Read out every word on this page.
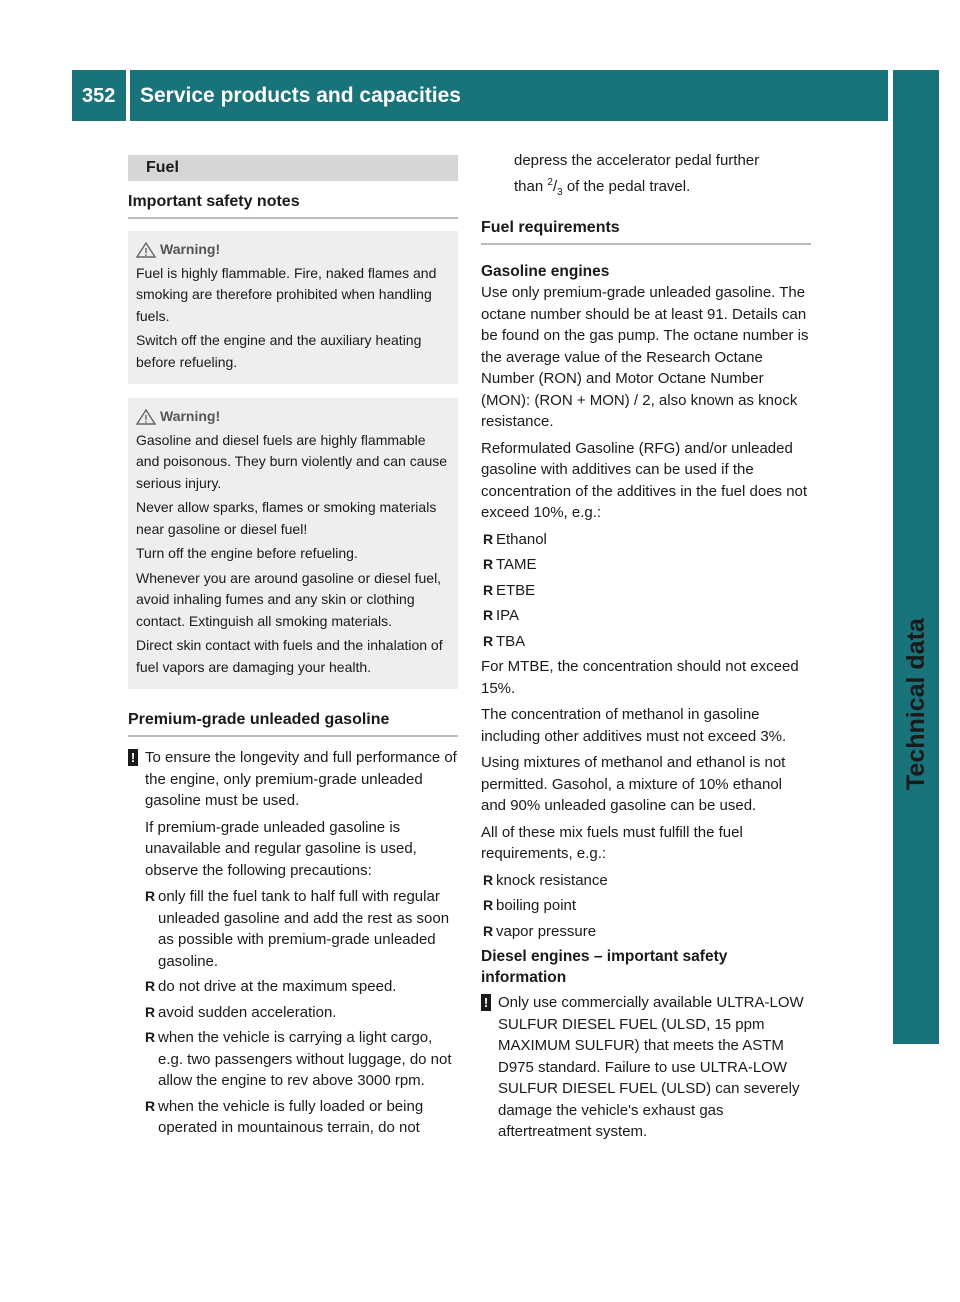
352	Service products and capacities
Technical data
Fuel
Important safety notes
Warning!

Fuel is highly flammable. Fire, naked flames and smoking are therefore prohibited when handling fuels.

Switch off the engine and the auxiliary heating before refueling.

Warning!

Gasoline and diesel fuels are highly flammable and poisonous. They burn violently and can cause serious injury.

Never allow sparks, flames or smoking materials near gasoline or diesel fuel!

Turn off the engine before refueling.

Whenever you are around gasoline or diesel fuel, avoid inhaling fumes and any skin or clothing contact. Extinguish all smoking materials.

Direct skin contact with fuels and the inhalation of fuel vapors are damaging your health.

Premium-grade unleaded gasoline
! To ensure the longevity and full performance of the engine, only premium-grade unleaded gasoline must be used.

If premium-grade unleaded gasoline is unavailable and regular gasoline is used, observe the following precautions:

R only fill the fuel tank to half full with regular unleaded gasoline and add the rest as soon as possible with premium-grade unleaded gasoline.
R do not drive at the maximum speed.
R avoid sudden acceleration.
R when the vehicle is carrying a light cargo, e.g. two passengers without luggage, do not allow the engine to rev above 3000 rpm.
R when the vehicle is fully loaded or being operated in mountainous terrain, do not

depress the accelerator pedal further

than $^2/_3$ of the pedal travel.

Fuel requirements
Gasoline engines

Use only premium-grade unleaded gasoline. The octane number should be at least 91. Details can be found on the gas pump. The octane number is the average value of the Research Octane Number (RON) and Motor Octane Number (MON): (RON + MON) / 2, also known as knock resistance.

Reformulated Gasoline (RFG) and/or unleaded gasoline with additives can be used if the concentration of the additives in the fuel does not exceed 10%, e.g.:

R Ethanol
R TAME
R ETBE
R IPA
R TBA

For MTBE, the concentration should not exceed 15%.

The concentration of methanol in gasoline including other additives must not exceed 3%.

Using mixtures of methanol and ethanol is not permitted. Gasohol, a mixture of 10% ethanol and 90% unleaded gasoline can be used.

All of these mix fuels must fulfill the fuel requirements, e.g.:

R knock resistance
R boiling point
R vapor pressure
Diesel engines – important safety information
! Only use commercially available ULTRA-LOW SULFUR DIESEL FUEL (ULSD, 15 ppm MAXIMUM SULFUR) that meets the ASTM D975 standard. Failure to use ULTRA-LOW SULFUR DIESEL FUEL (ULSD) can severely damage the vehicle's exhaust gas aftertreatment system.
